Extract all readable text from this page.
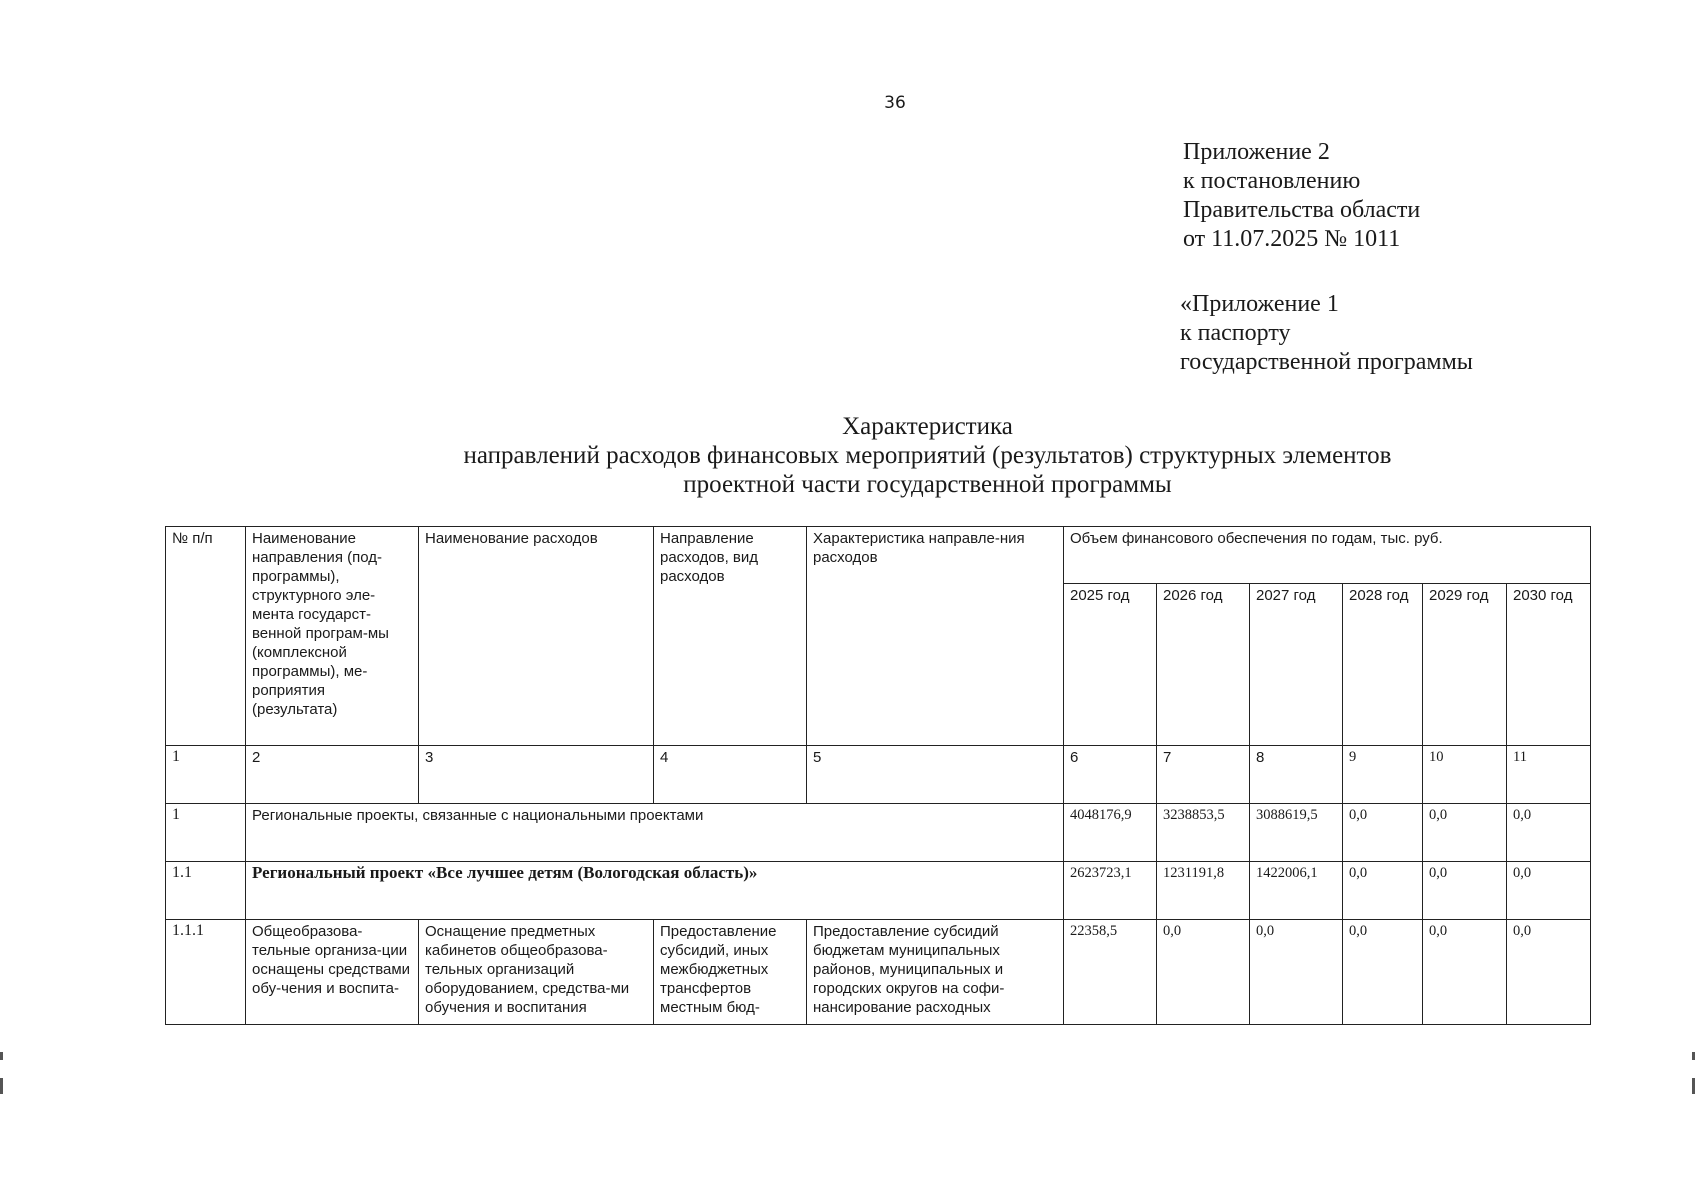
36
Приложение 2
к постановлению
Правительства области
от 11.07.2025 № 1011
«Приложение 1
к паспорту
государственной программы
Характеристика
направлений расходов финансовых мероприятий (результатов) структурных элементов
проектной части государственной программы
№ п/п	Наименование направления (под-программы), структурного эле-мента государст-венной програм-мы (комплексной программы), ме-роприятия (результата)	Наименование расходов	Направление расходов, вид расходов	Характеристика направле-ния расходов	Объем финансового обеспечения по годам, тыс. руб.					
					2025 год	2026 год	2027 год	2028 год	2029 год	2030 год
1	2	3	4	5	6	7	8	9	10	11
1	Региональные проекты, связанные с национальными проектами				4048176,9	3238853,5	3088619,5	0,0	0,0	0,0
1.1	Региональный проект «Все лучшее детям (Вологодская область)»				2623723,1	1231191,8	1422006,1	0,0	0,0	0,0
1.1.1	Общеобразова-тельные организа-ции оснащены средствами обу-чения и воспита-	Оснащение предметных кабинетов общеобразова-тельных организаций оборудованием, средства-ми обучения и воспитания	Предоставление субсидий, иных межбюджетных трансфертов местным бюд-	Предоставление субсидий бюджетам муниципальных районов, муниципальных и городских округов на софи-нансирование расходных	22358,5	0,0	0,0	0,0	0,0	0,0
